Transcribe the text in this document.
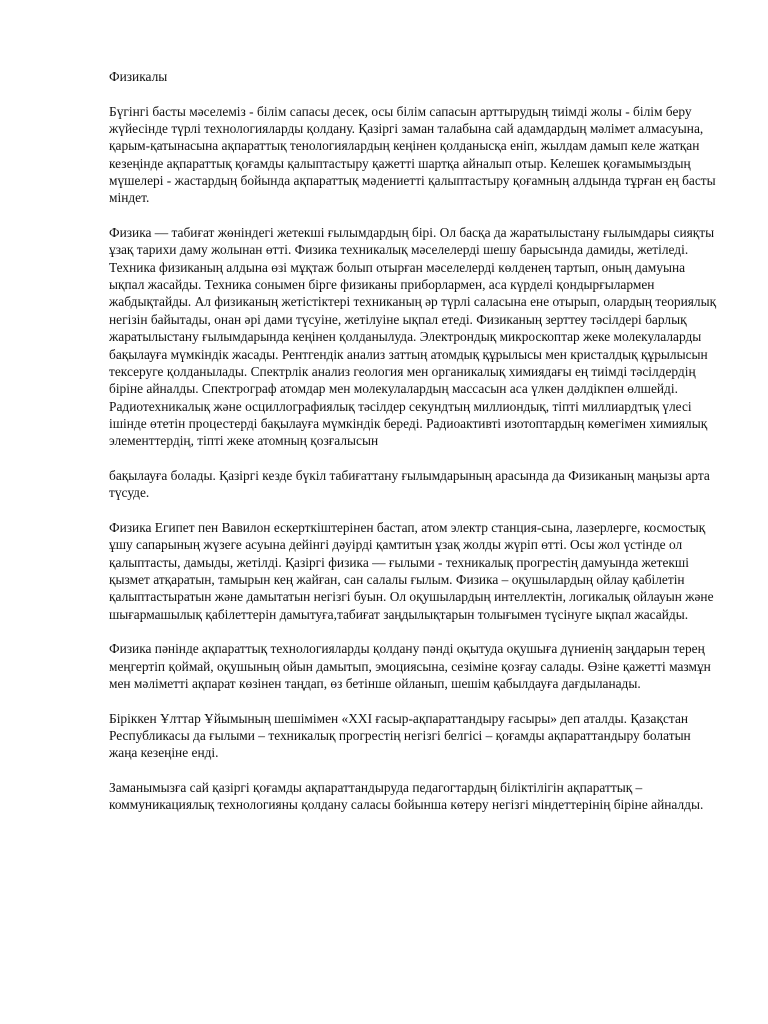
Физикалы

Бүгінгі басты мәселеміз - білім сапасы десек, осы білім сапасын арттырудың тиімді жолы - білім беру жүйесінде түрлі технологияларды қолдану. Қазіргі заман талабына сай адамдардың мәлімет алмасуына, қарым-қатынасына ақпараттық тенологиялардың кеңінен қолданысқа еніп, жылдам дамып келе жатқан кезеңінде ақпараттық қоғамды қалыптастыру қажетті шартқа айналып отыр. Келешек қоғамымыздың мүшелері - жастардың бойында ақпараттық мәдениетті қалыптастыру қоғамның алдында тұрған ең басты міндет.

Физика — табиғат жөніндегі жетекші ғылымдардың бірі. Ол басқа да жаратылыстану ғылымдары сияқты ұзақ тарихи даму жолынан өтті. Физика техникалық мәселелерді шешу барысында дамиды, жетіледі. Техника физиканың алдына өзі мұқтаж болып отырған мәселелерді көлденең тартып, оның дамуына ықпал жасайды. Техника сонымен бірге физиканы приборлармен, аса күрделі қондырғылармен жабдықтайды. Ал физиканың жетістіктері техниканың әр түрлі саласына ене отырып, олардың теориялық негізін байытады, онан әрі дами түсуіне, жетілуіне ықпал етеді. Физиканың зерттеу тәсілдері барлық жаратылыстану ғылымдарында кеңінен қолданылуда. Электрондық микроскоптар жеке молекулаларды бақылауға мүмкіндік жасады. Рентгендік анализ заттың атомдық құрылысы мен кристалдық құрылысын тексеруге қолданылады. Спектрлік анализ геология мен органикалық химиядағы ең тиімді тәсілдердің біріне айналды. Спектрограф атомдар мен молекулалардың массасын аса үлкен дәлдікпен өлшейді. Радиотехникалық және осциллографиялық тәсілдер секундтың миллиондық, тіпті миллиардтық үлесі ішінде өтетін процестерді бақылауға мүмкіндік береді. Радиоактивті изотоптардың көмегімен химиялық элементтердің, тіпті жеке атомның қозғалысын

бақылауға болады. Қазіргі кезде бүкіл табиғаттану ғылымдарының арасында да Физиканың маңызы арта түсуде.

Физика Египет пен Вавилон ескерткіштерінен бастап, атом электр станция-сына, лазерлерге, космостық ұшу сапарының жүзеге асуына дейінгі дәуірді қамтитын ұзақ жолды жүріп өтті. Осы жол үстінде ол қалыптасты, дамыды, жетілді. Қазіргі физика — ғылыми - техникалық прогрестің дамуында жетекші қызмет атқаратын, тамырын кең жайған, сан салалы ғылым. Физика – оқушылардың ойлау қабілетін қалыптастыратын және дамытатын негізгі буын. Ол оқушылардың интеллектін, логикалық ойлауын және шығармашылық қабілеттерін дамытуға,табиғат заңдылықтарын толығымен түсінуге ықпал жасайды.

Физика пәнінде ақпараттық технологияларды қолдану пәнді оқытуда оқушыға дүниенің заңдарын терең меңгертіп қоймай, оқушының ойын дамытып, эмоциясына, сезіміне қозғау салады. Өзіне қажетті мазмұн мен мәліметті ақпарат көзінен таңдап, өз бетінше ойланып, шешім қабылдауға дағдыланады.

Біріккен Ұлттар Ұйымының шешімімен «XXI ғасыр-ақпараттандыру ғасыры» деп аталды. Қазақстан Республикасы да ғылыми – техникалық прогрестің негізгі белгісі – қоғамды ақпараттандыру болатын жаңа кезеңіне енді.

Заманымызға сай қазіргі қоғамды ақпараттандыруда педагогтардың біліктілігін ақпараттық – коммуникациялық технологияны қолдану саласы бойынша көтеру негізгі міндеттерінің біріне айналды.
